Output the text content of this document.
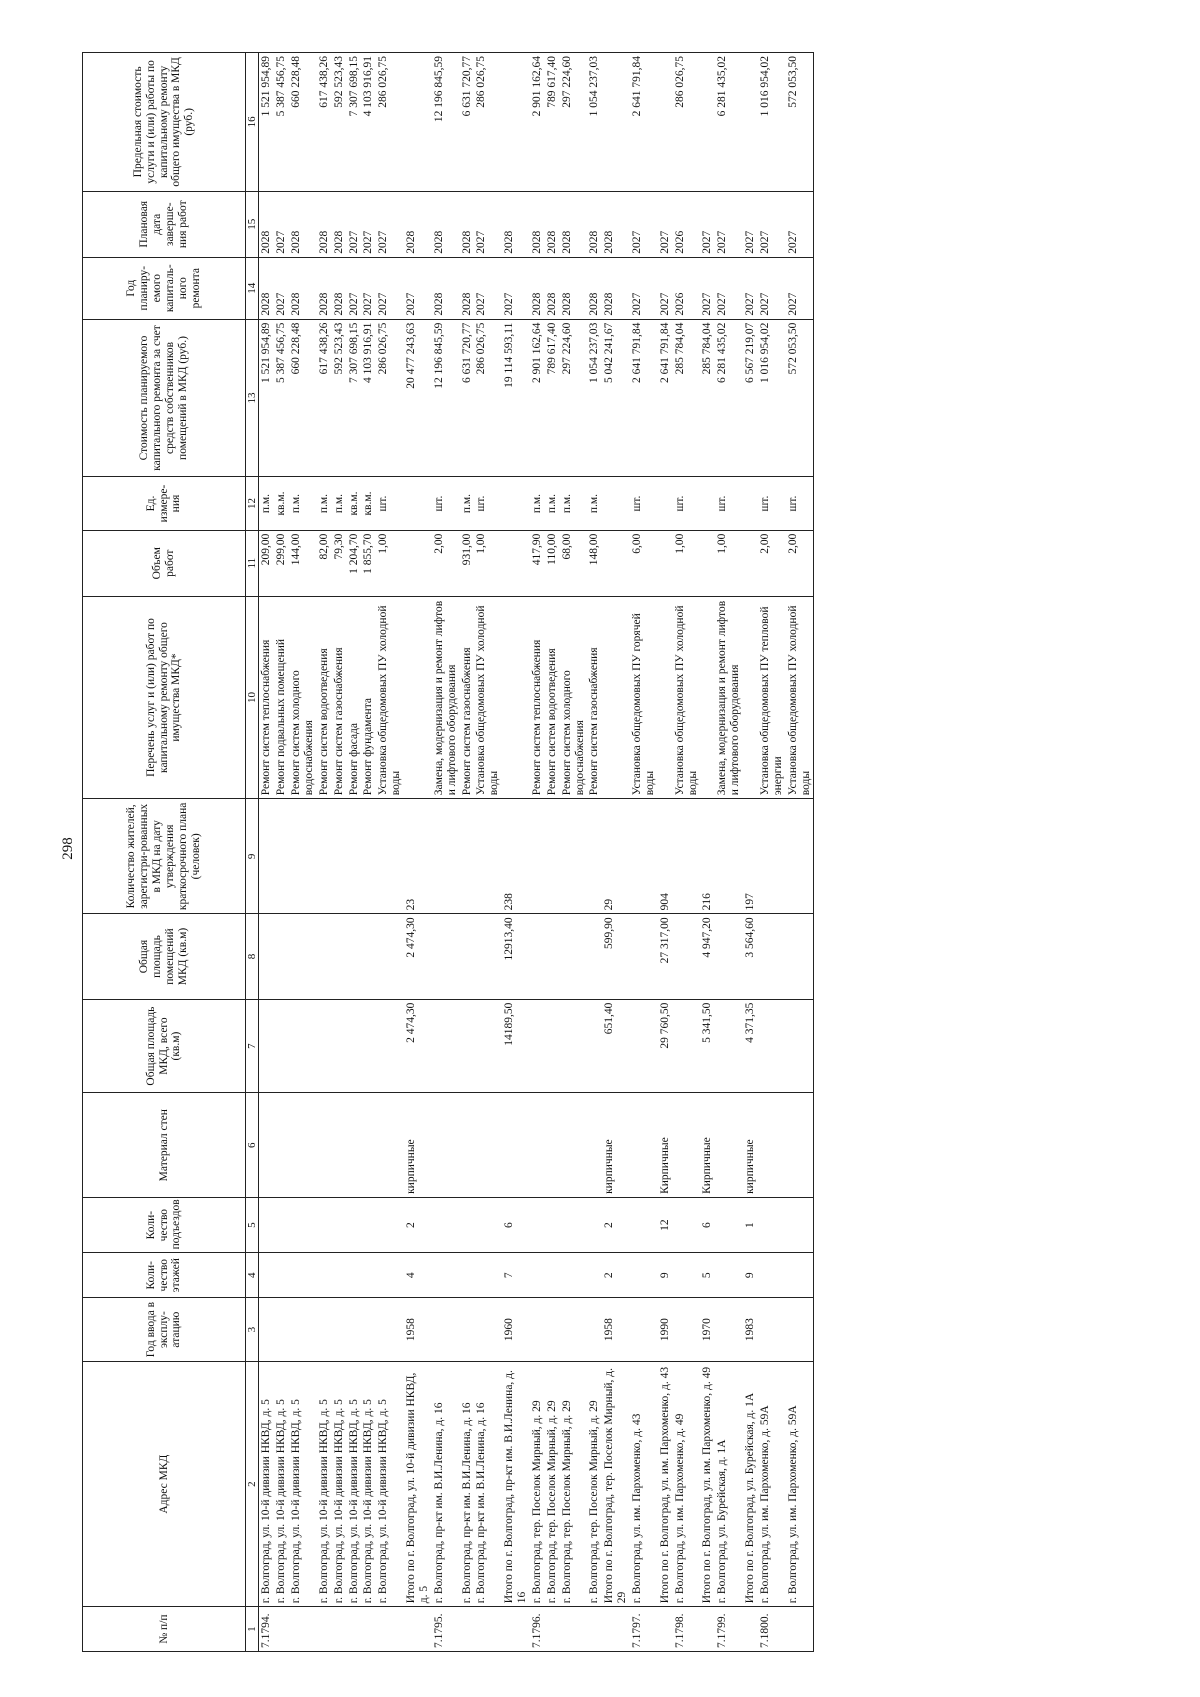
298
№ п/п	Адрес МКД	Год ввода в эксплу-атацию	Коли-чество этажей	Коли-чество подъездов	Материал стен	Общая площадь МКД, всего (кв.м)	Общая площадь помещений МКД (кв.м)	Количество жителей, зарегистри-рованных в МКД на дату утверждения краткосрочного плана (человек)	Перечень услуг и (или) работ по капитальному ремонту общего имущества МКД*	Объем работ	Ед. измере-ния	Стоимость планируемого капитального ремонта за счет средств собственников помещений в МКД (руб.)	Год планиру-емого капиталь-ного ремонта	Плановая дата заверше-ния работ	Предельная стоимость услуги и (или) работы по капитальному ремонту общего имущества в МКД (руб.)
1	2	3	4	5	6	7	8	9	10	11	12	13	14	15	16
7.1794.	г. Волгоград, ул. 10-й дивизии НКВД, д. 5								Ремонт систем теплоснабжения	209,00	п.м.	1 521 954,89	2028	2028	1 521 954,89
	г. Волгоград, ул. 10-й дивизии НКВД, д. 5								Ремонт подвальных помещений	299,00	кв.м.	5 387 456,75	2027	2027	5 387 456,75
	г. Волгоград, ул. 10-й дивизии НКВД, д. 5								Ремонт систем холодного водоснабжения	144,00	п.м.	660 228,48	2028	2028	660 228,48
	г. Волгоград, ул. 10-й дивизии НКВД, д. 5								Ремонт систем водоотведения	82,00	п.м.	617 438,26	2028	2028	617 438,26
	г. Волгоград, ул. 10-й дивизии НКВД, д. 5								Ремонт систем газоснабжения	79,30	п.м.	592 523,43	2028	2028	592 523,43
	г. Волгоград, ул. 10-й дивизии НКВД, д. 5								Ремонт фасада	1 204,70	кв.м.	7 307 698,15	2027	2027	7 307 698,15
	г. Волгоград, ул. 10-й дивизии НКВД, д. 5								Ремонт фундамента	1 855,70	кв.м.	4 103 916,91	2027	2027	4 103 916,91
	г. Волгоград, ул. 10-й дивизии НКВД, д. 5								Установка общедомовых ПУ холодной воды	1,00	шт.	286 026,75	2027	2027	286 026,75
	Итого по г. Волгоград, ул. 10-й дивизии НКВД, д. 5	1958	4	2	кирпичные	2 474,30	2 474,30	23				20 477 243,63	2027	2028	
7.1795.	г. Волгоград, пр-кт им. В.И.Ленина, д. 16								Замена, модернизация и ремонт лифтов и лифтового оборудования	2,00	шт.	12 196 845,59	2028	2028	12 196 845,59
	г. Волгоград, пр-кт им. В.И.Ленина, д. 16								Ремонт систем газоснабжения	931,00	п.м.	6 631 720,77	2028	2028	6 631 720,77
	г. Волгоград, пр-кт им. В.И.Ленина, д. 16								Установка общедомовых ПУ холодной воды	1,00	шт.	286 026,75	2027	2027	286 026,75
	Итого по г. Волгоград, пр-кт им. В.И.Ленина, д. 16	1960	7	6		14189,50	12913,40	238				19 114 593,11	2027	2028	
7.1796.	г. Волгоград, тер. Поселок Мирный, д. 29								Ремонт систем теплоснабжения	417,90	п.м.	2 901 162,64	2028	2028	2 901 162,64
	г. Волгоград, тер. Поселок Мирный, д. 29								Ремонт систем водоотведения	110,00	п.м.	789 617,40	2028	2028	789 617,40
	г. Волгоград, тер. Поселок Мирный, д. 29								Ремонт систем холодного водоснабжения	68,00	п.м.	297 224,60	2028	2028	297 224,60
	г. Волгоград, тер. Поселок Мирный, д. 29								Ремонт систем газоснабжения	148,00	п.м.	1 054 237,03	2028	2028	1 054 237,03
	Итого по г. Волгоград, тер. Поселок Мирный, д. 29	1958	2	2	кирпичные	651,40	599,90	29				5 042 241,67	2028	2028	
7.1797.	г. Волгоград, ул. им. Пархоменко, д. 43								Установка общедомовых ПУ горячей воды	6,00	шт.	2 641 791,84	2027	2027	2 641 791,84
	Итого по г. Волгоград, ул. им. Пархоменко, д. 43	1990	9	12	Кирпичные	29 760,50	27 317,00	904				2 641 791,84	2027	2027	
7.1798.	г. Волгоград, ул. им. Пархоменко, д. 49								Установка общедомовых ПУ холодной воды	1,00	шт.	285 784,04	2026	2026	286 026,75
	Итого по г. Волгоград, ул. им. Пархоменко, д. 49	1970	5	6	Кирпичные	5 341,50	4 947,20	216				285 784,04	2027	2027	
7.1799.	г. Волгоград, ул. Бурейская, д. 1А								Замена, модернизация и ремонт лифтов и лифтового оборудования	1,00	шт.	6 281 435,02	2027	2027	6 281 435,02
	Итого по г. Волгоград, ул. Бурейская, д. 1А	1983	9	1	кирпичные	4 371,35	3 564,60	197				6 567 219,07	2027	2027	
7.1800.	г. Волгоград, ул. им. Пархоменко, д. 59А								Установка общедомовых ПУ тепловой энергии	2,00	шт.	1 016 954,02	2027	2027	1 016 954,02
	г. Волгоград, ул. им. Пархоменко, д. 59А								Установка общедомовых ПУ холодной воды	2,00	шт.	572 053,50	2027	2027	572 053,50
